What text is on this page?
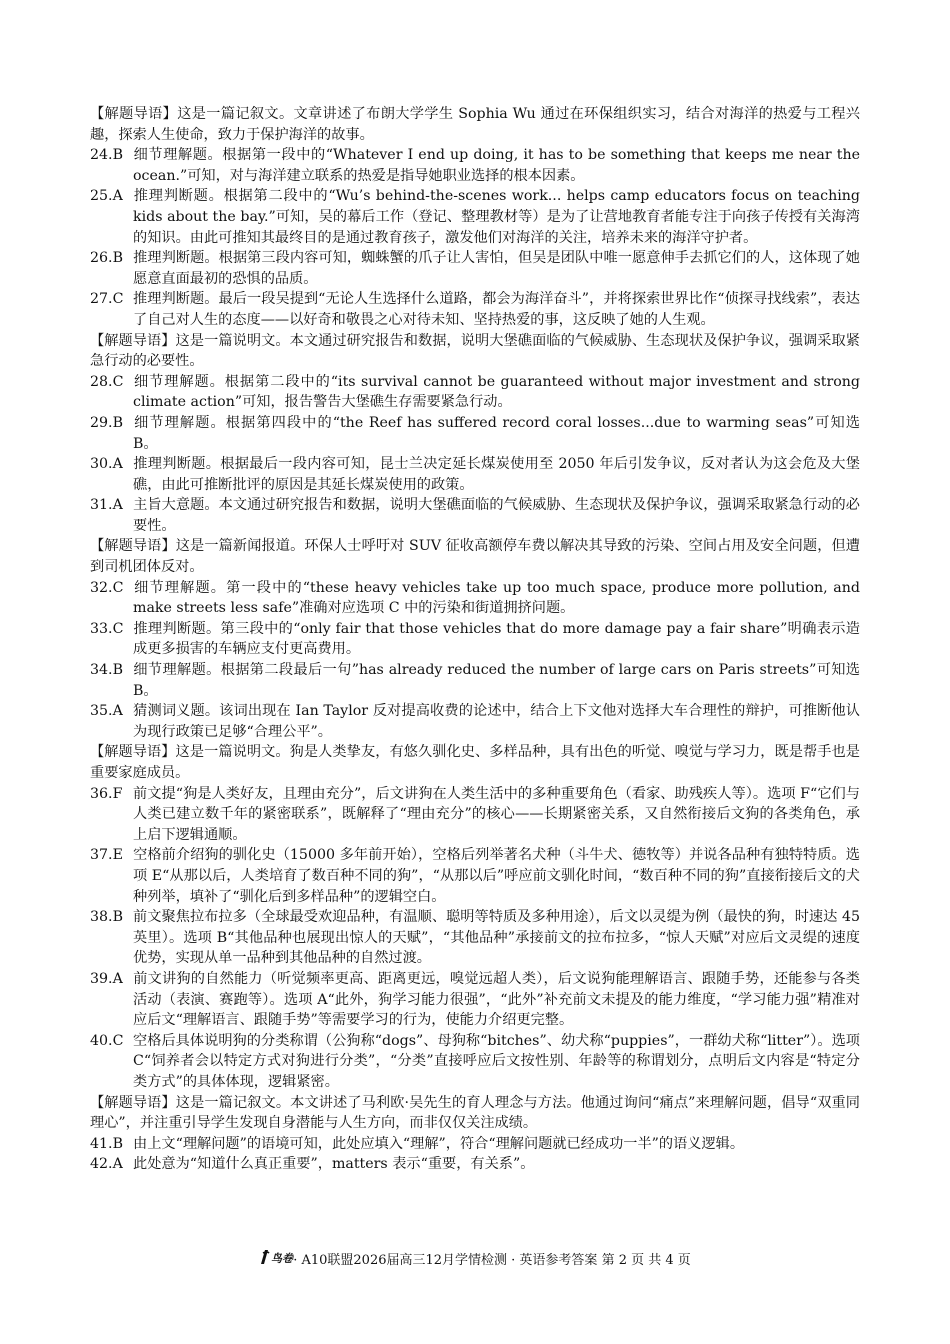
【解题导语】这是一篇记叙文。文章讲述了布朗大学学生 Sophia Wu 通过在环保组织实习，结合对海洋的热爱与工程兴趣，探索人生使命，致力于保护海洋的故事。

24.B 细节理解题。根据第一段中的“Whatever I end up doing, it has to be something that keeps me near the ocean.”可知，对与海洋建立联系的热爱是指导她职业选择的根本因素。

25.A 推理判断题。根据第二段中的“Wu’s behind-the-scenes work... helps camp educators focus on teaching kids about the bay.”可知，吴的幕后工作（登记、整理教材等）是为了让营地教育者能专注于向孩子传授有关海湾的知识。由此可推知其最终目的是通过教育孩子，激发他们对海洋的关注，培养未来的海洋守护者。

26.B 推理判断题。根据第三段内容可知，蜘蛛蟹的爪子让人害怕，但吴是团队中唯一愿意伸手去抓它们的人，这体现了她愿意直面最初的恐惧的品质。

27.C 推理判断题。最后一段吴提到“无论人生选择什么道路，都会为海洋奋斗”，并将探索世界比作“侦探寻找线索”，表达了自己对人生的态度——以好奇和敬畏之心对待未知、坚持热爱的事，这反映了她的人生观。

【解题导语】这是一篇说明文。本文通过研究报告和数据，说明大堡礁面临的气候威胁、生态现状及保护争议，强调采取紧急行动的必要性。

28.C 细节理解题。根据第二段中的“its survival cannot be guaranteed without major investment and strong climate action”可知，报告警告大堡礁生存需要紧急行动。

29.B 细节理解题。根据第四段中的“the Reef has suffered record coral losses...due to warming seas”可知选 B。

30.A 推理判断题。根据最后一段内容可知，昆士兰决定延长煤炭使用至 2050 年后引发争议，反对者认为这会危及大堡礁，由此可推断批评的原因是其延长煤炭使用的政策。

31.A 主旨大意题。本文通过研究报告和数据，说明大堡礁面临的气候威胁、生态现状及保护争议，强调采取紧急行动的必要性。

【解题导语】这是一篇新闻报道。环保人士呼吁对 SUV 征收高额停车费以解决其导致的污染、空间占用及安全问题，但遭到司机团体反对。

32.C 细节理解题。第一段中的“these heavy vehicles take up too much space, produce more pollution, and make streets less safe”准确对应选项 C 中的污染和街道拥挤问题。

33.C 推理判断题。第三段中的“only fair that those vehicles that do more damage pay a fair share”明确表示造成更多损害的车辆应支付更高费用。

34.B 细节理解题。根据第二段最后一句”has already reduced the number of large cars on Paris streets”可知选 B。

35.A 猜测词义题。该词出现在 Ian Taylor 反对提高收费的论述中，结合上下文他对选择大车合理性的辩护，可推断他认为现行政策已足够“合理公平”。

【解题导语】这是一篇说明文。狗是人类挚友，有悠久驯化史、多样品种，具有出色的听觉、嗅觉与学习力，既是帮手也是重要家庭成员。

36.F 前文提“狗是人类好友，且理由充分”，后文讲狗在人类生活中的多种重要角色（看家、助残疾人等）。选项 F“它们与人类已建立数千年的紧密联系”，既解释了“理由充分”的核心——长期紧密关系，又自然衔接后文狗的各类角色，承上启下逻辑通顺。

37.E 空格前介绍狗的驯化史（15000 多年前开始），空格后列举著名犬种（斗牛犬、德牧等）并说各品种有独特特质。选项 E“从那以后，人类培育了数百种不同的狗”，“从那以后”呼应前文驯化时间，“数百种不同的狗”直接衔接后文的犬种列举，填补了“驯化后到多样品种”的逻辑空白。

38.B 前文聚焦拉布拉多（全球最受欢迎品种，有温顺、聪明等特质及多种用途），后文以灵缇为例（最快的狗，时速达 45 英里）。选项 B“其他品种也展现出惊人的天赋”，“其他品种”承接前文的拉布拉多，“惊人天赋”对应后文灵缇的速度优势，实现从单一品种到其他品种的自然过渡。

39.A 前文讲狗的自然能力（听觉频率更高、距离更远，嗅觉远超人类），后文说狗能理解语言、跟随手势，还能参与各类活动（表演、赛跑等）。选项 A“此外，狗学习能力很强”，“此外”补充前文未提及的能力维度，“学习能力强”精准对应后文“理解语言、跟随手势”等需要学习的行为，使能力介绍更完整。

40.C 空格后具体说明狗的分类称谓（公狗称“dogs”、母狗称“bitches”、幼犬称“puppies”，一群幼犬称“litter”）。选项 C“饲养者会以特定方式对狗进行分类”，“分类”直接呼应后文按性别、年龄等的称谓划分，点明后文内容是“特定分类方式”的具体体现，逻辑紧密。

【解题导语】这是一篇记叙文。本文讲述了马利欧·吴先生的育人理念与方法。他通过询问“痛点”来理解问题，倡导“双重同理心”，并注重引导学生发现自身潜能与人生方向，而非仅仅关注成绩。

41.B 由上文“理解问题”的语境可知，此处应填入“理解”，符合“理解问题就已经成功一半”的语义逻辑。

42.A 此处意为“知道什么真正重要”，matters 表示“重要，有关系”。

鸟卷 · A10联盟2026届高三12月学情检测 · 英语参考答案 第 2 页 共 4 页
